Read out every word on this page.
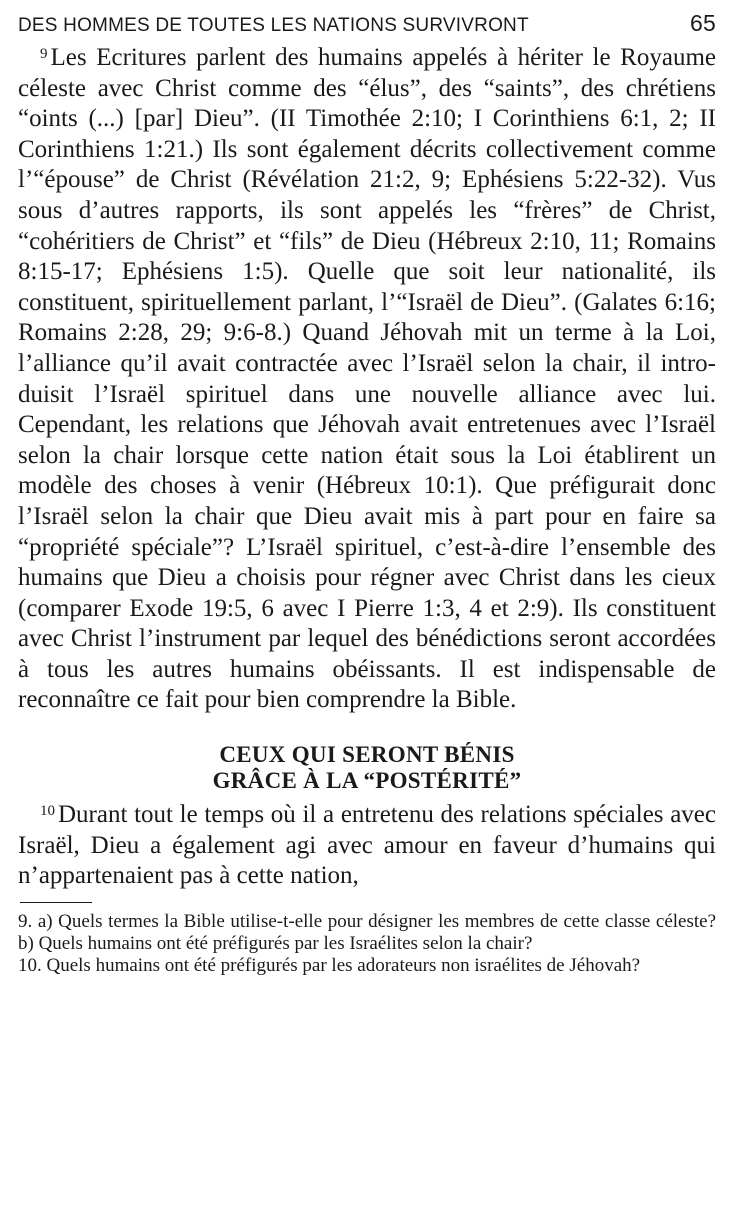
DES HOMMES DE TOUTES LES NATIONS SURVIVRONT	65

$^9$ Les Ecritures parlent des humains appelés à hériter le Royaume céleste avec Christ comme des “élus”, des “saints”, des chrétiens “oints (...) [par] Dieu”. (II Timothée 2:10; I Corinthiens 6:1, 2; II Corinthiens 1:21.) Ils sont également décrits collectivement comme l’“épouse” de Christ (Révélation 21:2, 9; Ephésiens 5:22-32). Vus sous d’autres rapports, ils sont appelés les “frères” de Christ, “cohéritiers de Christ” et “fils” de Dieu (Hébreux 2:10, 11; Romains 8:15-17; Ephésiens 1:5). Quelle que soit leur nationalité, ils constituent, spirituellement parlant, l’“Israël de Dieu”. (Galates 6:16; Romains 2:28, 29; 9:6-8.) Quand Jéhovah mit un terme à la Loi, l’alliance qu’il avait contractée avec l’Israël selon la chair, il introduisit l’Israël spirituel dans une nouvelle alliance avec lui. Cependant, les relations que Jéhovah avait entretenues avec l’Israël selon la chair lorsque cette nation était sous la Loi établirent un modèle des choses à venir (Hébreux 10:1). Que préfigurait donc l’Israël selon la chair que Dieu avait mis à part pour en faire sa “propriété spéciale”? L’Israël spirituel, c’est-à-dire l’ensemble des humains que Dieu a choisis pour régner avec Christ dans les cieux (comparer Exode 19:5, 6 avec I Pierre 1:3, 4 et 2:9). Ils constituent avec Christ l’instrument par lequel des bénédictions seront accordées à tous les autres humains obéissants. Il est indispensable de reconnaître ce fait pour bien comprendre la Bible.

CEUX QUI SERONT BÉNIS
GRÂCE À LA “POSTÉRITÉ”

$^{10}$ Durant tout le temps où il a entretenu des relations spéciales avec Israël, Dieu a également agi avec amour en faveur d’humains qui n’appartenaient pas à cette nation,

9. a) Quels termes la Bible utilise-t-elle pour désigner les membres de cette classe céleste? b) Quels humains ont été préfigurés par les Israélites selon la chair?

10. Quels humains ont été préfigurés par les adorateurs non israélites de Jéhovah?
